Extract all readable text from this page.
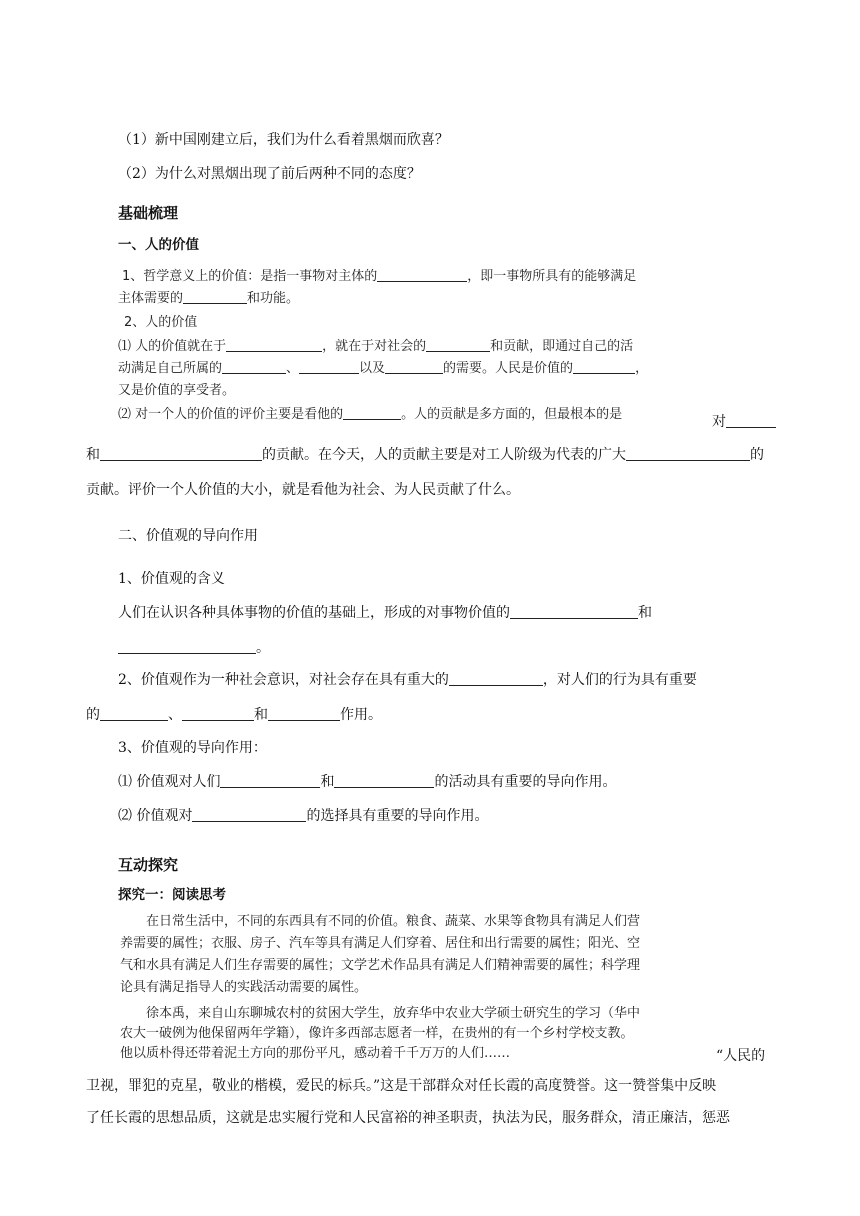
（1）新中国刚建立后，我们为什么看着黑烟而欣喜？
（2）为什么对黑烟出现了前后两种不同的态度？
基础梳理
一、人的价值
1、哲学意义上的价值：是指一事物对主体的	，即一事物所具有的能够满足
主体需要的	和功能。
2、人的价值
⑴ 人的价值就在于	，就在于对社会的	和贡献，即通过自己的活
动满足自己所属的	、	以及	的需要。人民是价值的	，
又是价值的享受者。
⑵ 对一个人的价值的评价主要是看他的	。人的贡献是多方面的，但最根本的是	对
和	的贡献。在今天，人的贡献主要是对工人阶级为代表的广大	的
贡献。评价一个人价值的大小，就是看他为社会、为人民贡献了什么。
二、价值观的导向作用
1、价值观的含义
人们在认识各种具体事物的价值的基础上，形成的对事物价值的	和
。
2、价值观作为一种社会意识，对社会存在具有重大的	，对人们的行为具有重要
的	、	和	作用。
3、价值观的导向作用：
⑴ 价值观对人们	和	的活动具有重要的导向作用。
⑵ 价值观对	的选择具有重要的导向作用。
互动探究
探究一：阅读思考
在日常生活中，不同的东西具有不同的价值。粮食、蔬菜、水果等食物具有满足人们营
养需要的属性；衣服、房子、汽车等具有满足人们穿着、居住和出行需要的属性；阳光、空
气和水具有满足人们生存需要的属性；文学艺术作品具有满足人们精神需要的属性；科学理
论具有满足指导人的实践活动需要的属性。
徐本禹，来自山东聊城农村的贫困大学生，放弃华中农业大学硕士研究生的学习（华中
农大一破例为他保留两年学籍），像许多西部志愿者一样，在贵州的有一个乡村学校支教。
他以质朴得还带着泥土方向的那份平凡，感动着千千万万的人们……	“人民的
卫视，罪犯的克星，敬业的楷模，爱民的标兵。”这是干部群众对任长霞的高度赞誉。这一赞誉集中反映
了任长霞的思想品质，这就是忠实履行党和人民富裕的神圣职责，执法为民，服务群众，清正廉洁，惩恶
